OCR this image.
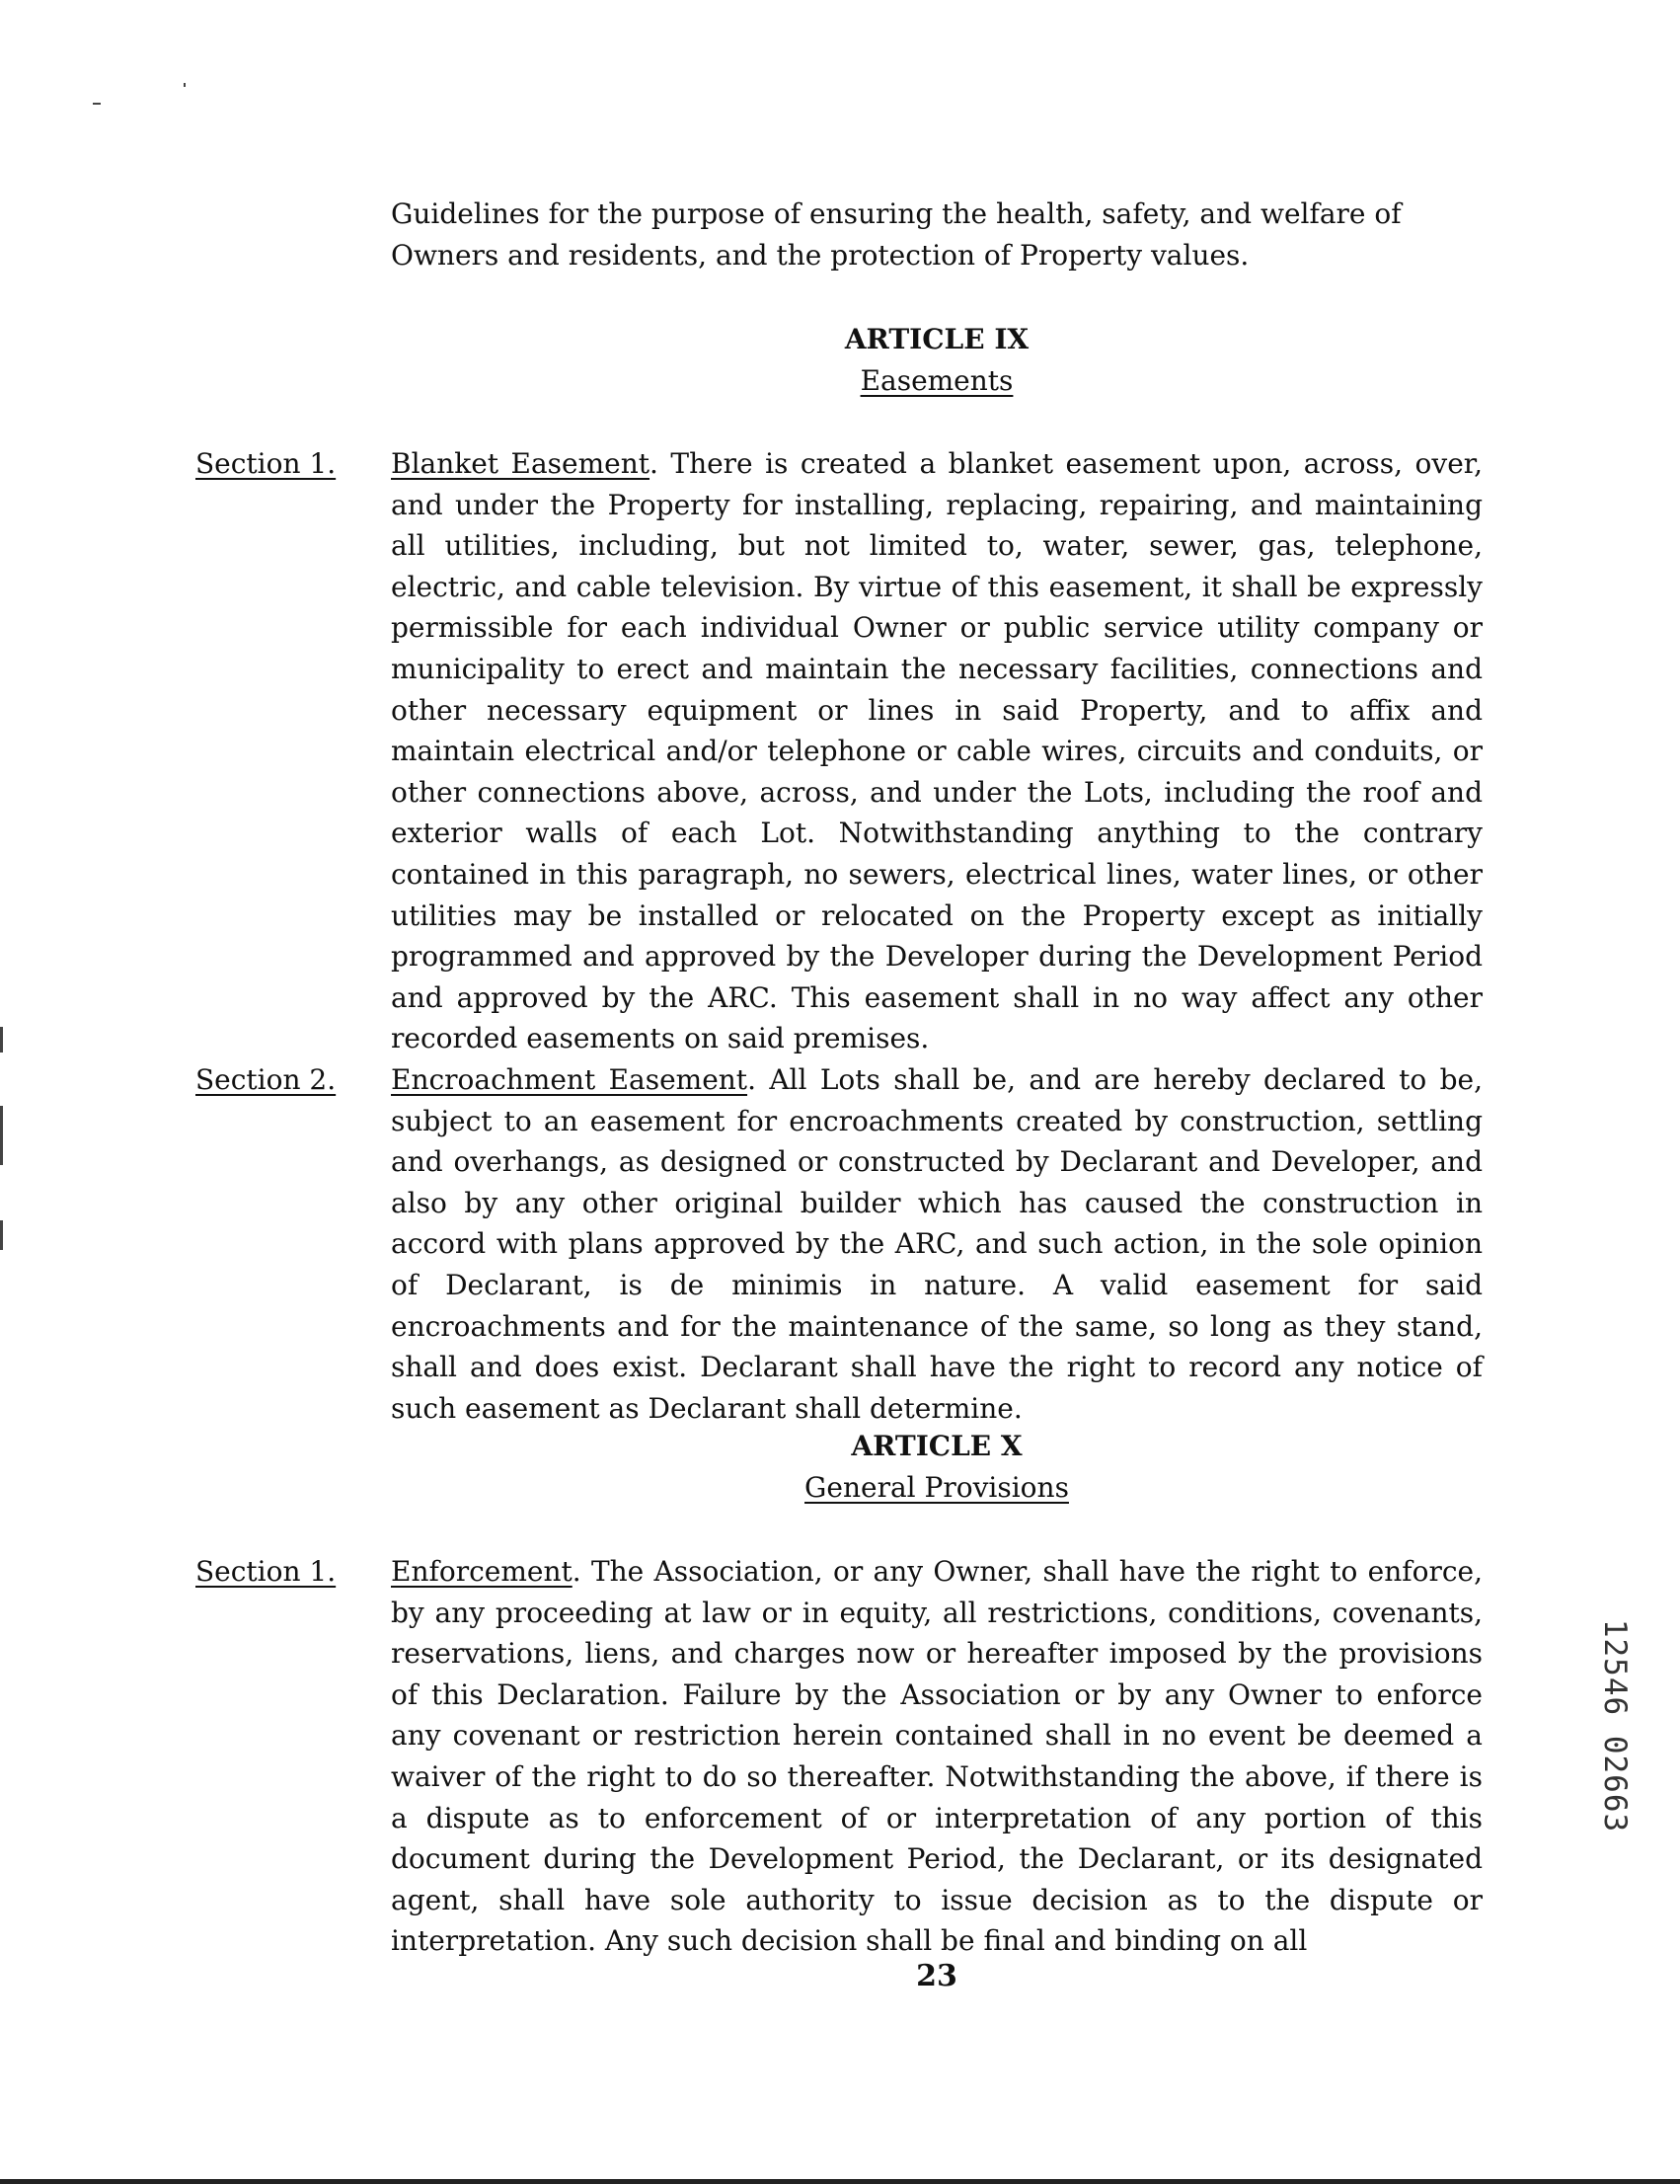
Guidelines for the purpose of ensuring the health, safety, and welfare of Owners and residents, and the protection of Property values.

ARTICLE IX
Easements
Section 1. Blanket Easement. There is created a blanket easement upon, across, over, and under the Property for installing, replacing, repairing, and maintaining all utilities, including, but not limited to, water, sewer, gas, telephone, electric, and cable television. By virtue of this easement, it shall be expressly permissible for each individual Owner or public service utility company or municipality to erect and maintain the necessary facilities, connections and other necessary equipment or lines in said Property, and to affix and maintain electrical and/or telephone or cable wires, circuits and conduits, or other connections above, across, and under the Lots, including the roof and exterior walls of each Lot. Notwithstanding anything to the contrary contained in this paragraph, no sewers, electrical lines, water lines, or other utilities may be installed or relocated on the Property except as initially programmed and approved by the Developer during the Development Period and approved by the ARC. This easement shall in no way affect any other recorded easements on said premises.

Section 2. Encroachment Easement. All Lots shall be, and are hereby declared to be, subject to an easement for encroachments created by construction, settling and overhangs, as designed or constructed by Declarant and Developer, and also by any other original builder which has caused the construction in accord with plans approved by the ARC, and such action, in the sole opinion of Declarant, is de minimis in nature. A valid easement for said encroachments and for the maintenance of the same, so long as they stand, shall and does exist. Declarant shall have the right to record any notice of such easement as Declarant shall determine.

ARTICLE X
General Provisions
Section 1. Enforcement. The Association, or any Owner, shall have the right to enforce, by any proceeding at law or in equity, all restrictions, conditions, covenants, reservations, liens, and charges now or hereafter imposed by the provisions of this Declaration. Failure by the Association or by any Owner to enforce any covenant or restriction herein contained shall in no event be deemed a waiver of the right to do so thereafter. Notwithstanding the above, if there is a dispute as to enforcement of or interpretation of any portion of this document during the Development Period, the Declarant, or its designated agent, shall have sole authority to issue decision as to the dispute or interpretation. Any such decision shall be final and binding on all

12546 02663
23
